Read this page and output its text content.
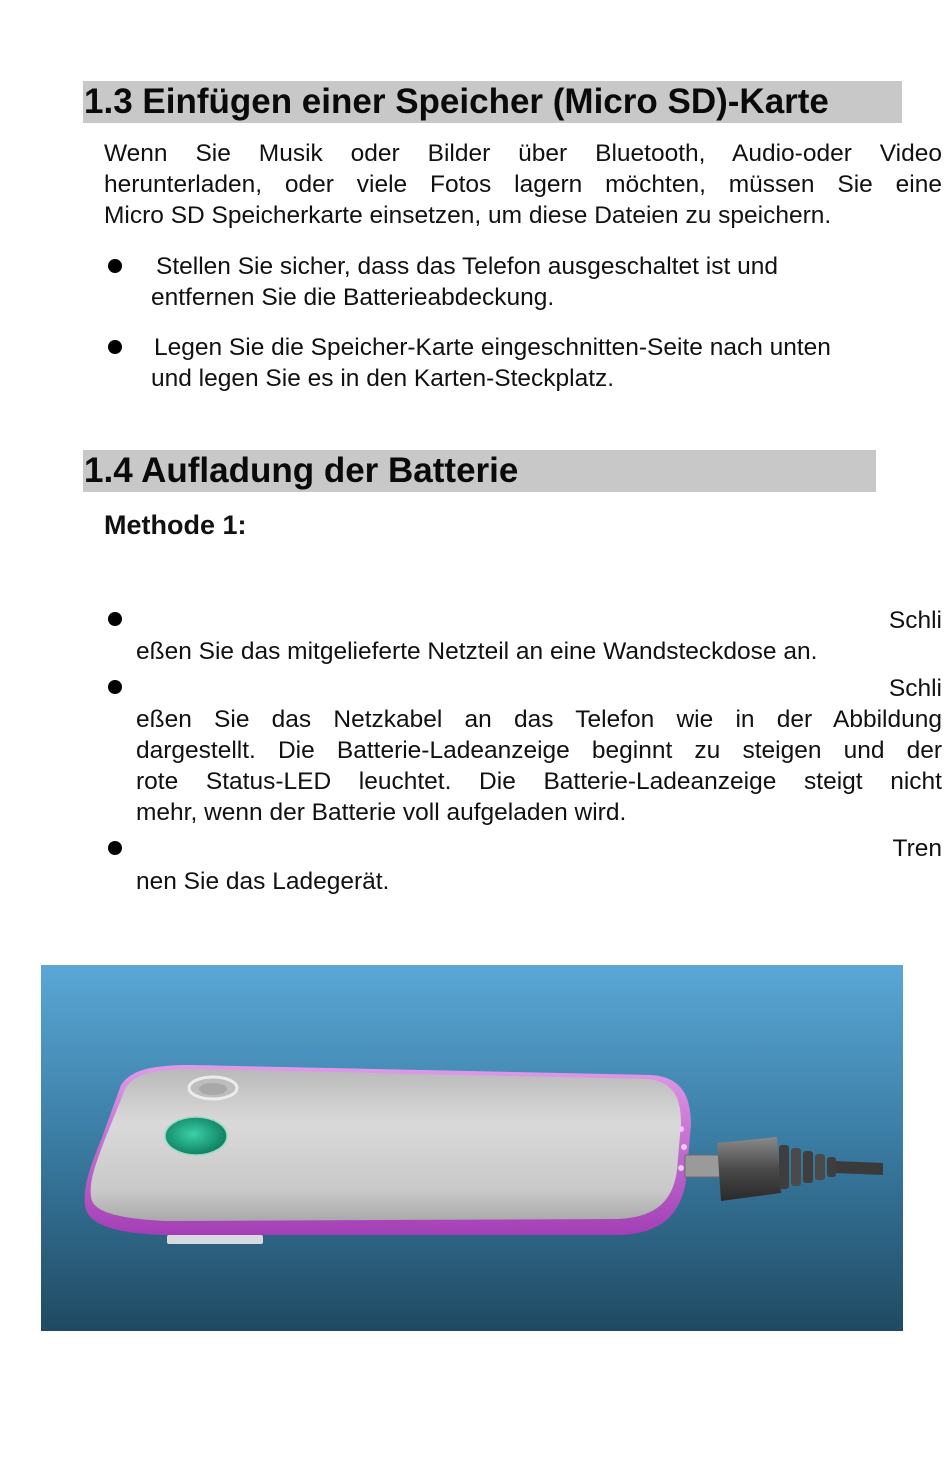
1.3 Einfügen einer Speicher (Micro SD)-Karte
Wenn Sie Musik oder Bilder über Bluetooth, Audio-oder Video
herunterladen, oder viele Fotos lagern möchten, müssen Sie eine
Micro SD Speicherkarte einsetzen, um diese Dateien zu speichern.
Stellen Sie sicher, dass das Telefon ausgeschaltet ist und
entfernen Sie die Batterieabdeckung.
Legen Sie die Speicher-Karte eingeschnitten-Seite nach unten
und legen Sie es in den Karten-Steckplatz.
1.4 Aufladung der Batterie
Methode 1:
Schli
eßen Sie das mitgelieferte Netzteil an eine Wandsteckdose an.
Schli
eßen Sie das Netzkabel an das Telefon wie in der Abbildung
dargestellt. Die Batterie-Ladeanzeige beginnt zu steigen und der
rote Status-LED leuchtet. Die Batterie-Ladeanzeige steigt nicht
mehr, wenn der Batterie voll aufgeladen wird.
Tren
nen Sie das Ladegerät.
